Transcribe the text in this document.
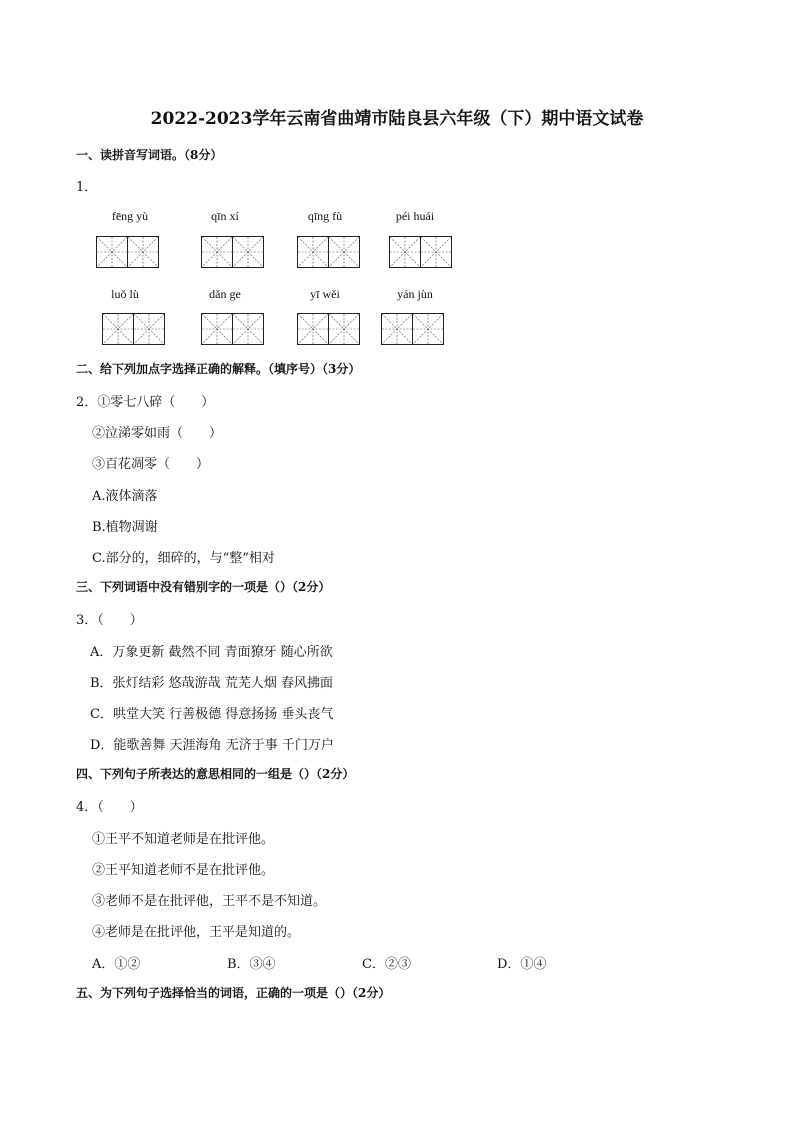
2022-2023学年云南省曲靖市陆良县六年级（下）期中语文试卷
一、读拼音写词语。（8分）
1．
fēng yù	qīn xí	qīng fù	péi huái
luǒ lù	dǎn ge	yī wěi	yán jùn
二、给下列加点字选择正确的解释。（填序号）（3分）
2．①零七八碎（　　）
②泣涕零如雨（　　）
③百花凋零（　　）
A.液体滴落
B.植物凋谢
C.部分的，细碎的，与“整”相对
三、下列词语中没有错别字的一项是（）（2分）
3．（　　）
A．万象更新 截然不同 青面獠牙 随心所欲
B．张灯结彩 悠哉游哉 荒芜人烟 春风拂面
C．哄堂大笑 行善极德 得意扬扬 垂头丧气
D．能歌善舞 天涯海角 无济于事 千门万户
四、下列句子所表达的意思相同的一组是（）（2分）
4．（　　）
①王平不知道老师是在批评他。
②王平知道老师不是在批评他。
③老师不是在批评他，王平不是不知道。
④老师是在批评他，王平是知道的。
A．①②	B．③④	C．②③	D．①④
五、为下列句子选择恰当的词语，正确的一项是（）（2分）
